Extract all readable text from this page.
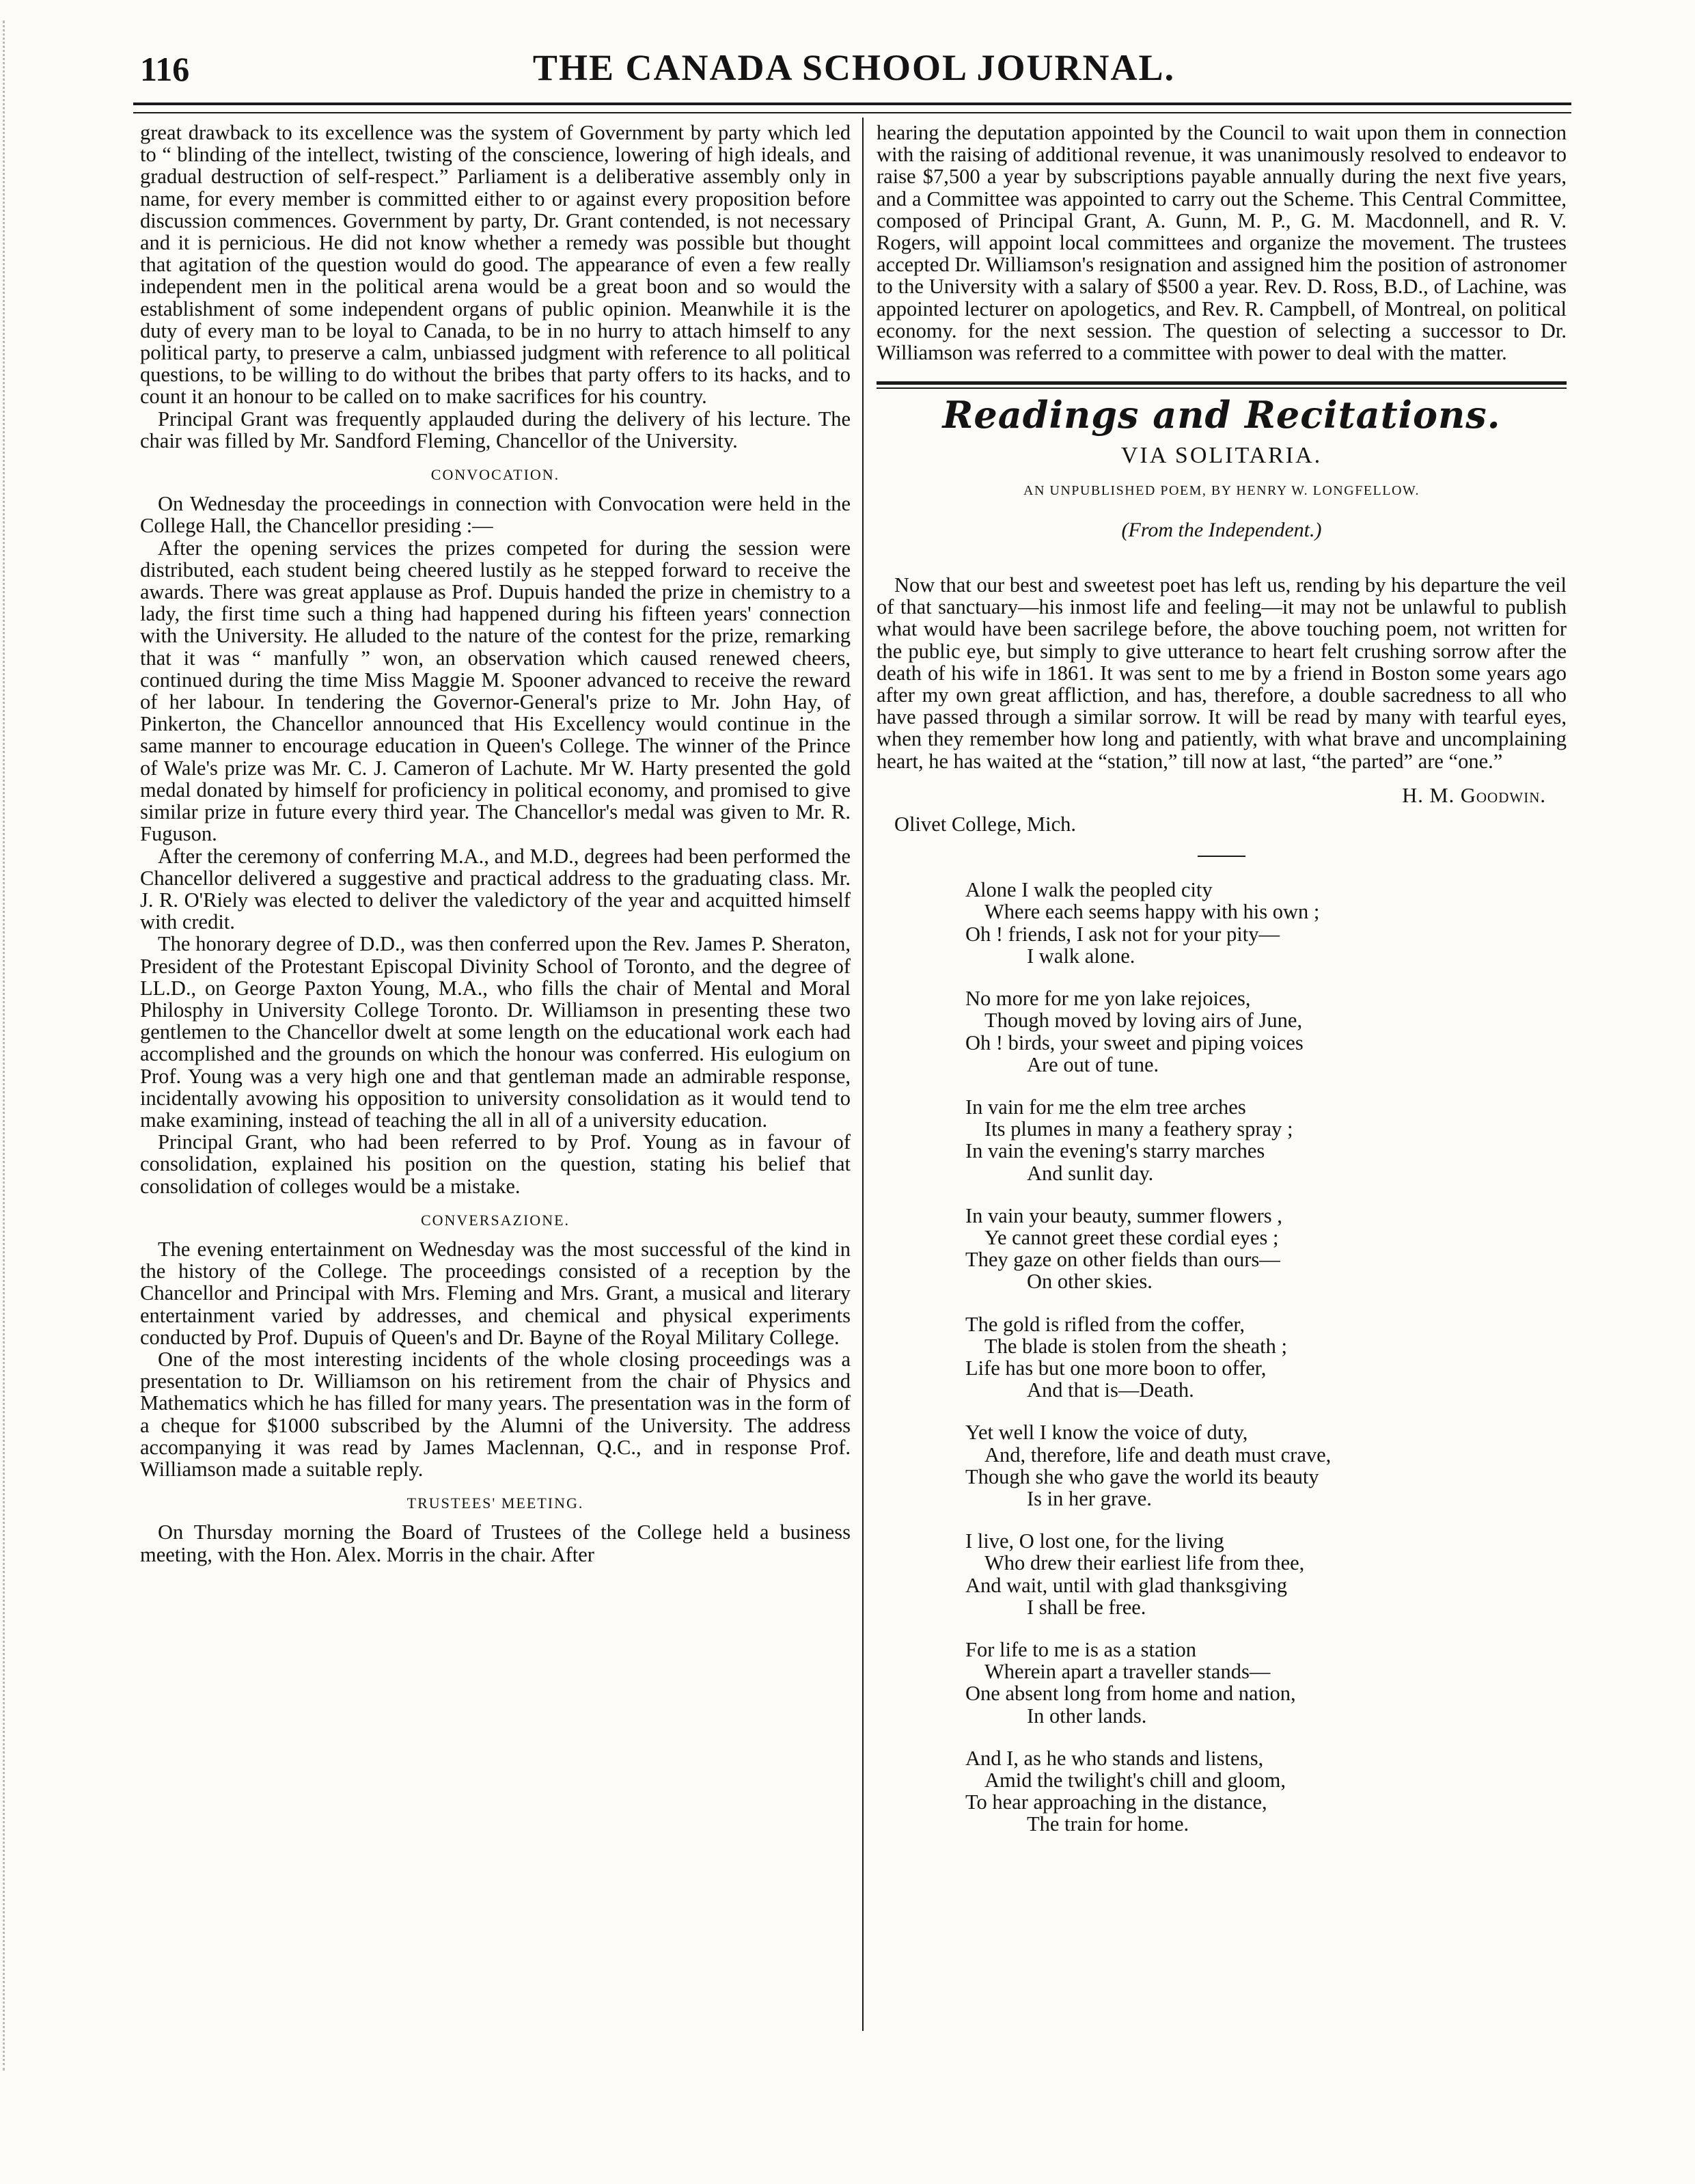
116	THE CANADA SCHOOL JOURNAL.

great drawback to its excellence was the system of Government by party which led to “ blinding of the intellect, twisting of the conscience, lowering of high ideals, and gradual destruction of self-respect.” Parliament is a deliberative assembly only in name, for every member is committed either to or against every proposition before discussion commences. Government by party, Dr. Grant contended, is not necessary and it is pernicious. He did not know whether a remedy was possible but thought that agitation of the question would do good. The appearance of even a few really independent men in the political arena would be a great boon and so would the establishment of some independent organs of public opinion. Meanwhile it is the duty of every man to be loyal to Canada, to be in no hurry to attach himself to any political party, to preserve a calm, unbiassed judgment with reference to all political questions, to be willing to do without the bribes that party offers to its hacks, and to count it an honour to be called on to make sacrifices for his country.

Principal Grant was frequently applauded during the delivery of his lecture. The chair was filled by Mr. Sandford Fleming, Chancellor of the University.

CONVOCATION.

On Wednesday the proceedings in connection with Convocation were held in the College Hall, the Chancellor presiding :—

After the opening services the prizes competed for during the session were distributed, each student being cheered lustily as he stepped forward to receive the awards. There was great applause as Prof. Dupuis handed the prize in chemistry to a lady, the first time such a thing had happened during his fifteen years' connection with the University. He alluded to the nature of the contest for the prize, remarking that it was “ manfully ” won, an observation which caused renewed cheers, continued during the time Miss Maggie M. Spooner advanced to receive the reward of her labour. In tendering the Governor-General's prize to Mr. John Hay, of Pinkerton, the Chancellor announced that His Excellency would continue in the same manner to encourage education in Queen's College. The winner of the Prince of Wale's prize was Mr. C. J. Cameron of Lachute. Mr W. Harty presented the gold medal donated by himself for proficiency in political economy, and promised to give similar prize in future every third year. The Chancellor's medal was given to Mr. R. Fuguson.

After the ceremony of conferring M.A., and M.D., degrees had been performed the Chancellor delivered a suggestive and practical address to the graduating class. Mr. J. R. O'Riely was elected to deliver the valedictory of the year and acquitted himself with credit.

The honorary degree of D.D., was then conferred upon the Rev. James P. Sheraton, President of the Protestant Episcopal Divinity School of Toronto, and the degree of LL.D., on George Paxton Young, M.A., who fills the chair of Mental and Moral Philosphy in University College Toronto. Dr. Williamson in presenting these two gentlemen to the Chancellor dwelt at some length on the educational work each had accomplished and the grounds on which the honour was conferred. His eulogium on Prof. Young was a very high one and that gentleman made an admirable response, incidentally avowing his opposition to university consolidation as it would tend to make examining, instead of teaching the all in all of a university education.

Principal Grant, who had been referred to by Prof. Young as in favour of consolidation, explained his position on the question, stating his belief that consolidation of colleges would be a mistake.

CONVERSAZIONE.

The evening entertainment on Wednesday was the most successful of the kind in the history of the College. The proceedings consisted of a reception by the Chancellor and Principal with Mrs. Fleming and Mrs. Grant, a musical and literary entertainment varied by addresses, and chemical and physical experiments conducted by Prof. Dupuis of Queen's and Dr. Bayne of the Royal Military College.

One of the most interesting incidents of the whole closing proceedings was a presentation to Dr. Williamson on his retirement from the chair of Physics and Mathematics which he has filled for many years. The presentation was in the form of a cheque for $1000 subscribed by the Alumni of the University. The address accompanying it was read by James Maclennan, Q.C., and in response Prof. Williamson made a suitable reply.

TRUSTEES' MEETING.

On Thursday morning the Board of Trustees of the College held a business meeting, with the Hon. Alex. Morris in the chair. After

hearing the deputation appointed by the Council to wait upon them in connection with the raising of additional revenue, it was unanimously resolved to endeavor to raise $7,500 a year by subscriptions payable annually during the next five years, and a Committee was appointed to carry out the Scheme. This Central Committee, composed of Principal Grant, A. Gunn, M. P., G. M. Macdonnell, and R. V. Rogers, will appoint local committees and organize the movement. The trustees accepted Dr. Williamson's resignation and assigned him the position of astronomer to the University with a salary of $500 a year. Rev. D. Ross, B.D., of Lachine, was appointed lecturer on apologetics, and Rev. R. Campbell, of Montreal, on political economy. for the next session. The question of selecting a successor to Dr. Williamson was referred to a committee with power to deal with the matter.

Readings and Recitations.
VIA SOLITARIA.
AN UNPUBLISHED POEM, BY HENRY W. LONGFELLOW.
(From the Independent.)

Now that our best and sweetest poet has left us, rending by his departure the veil of that sanctuary—his inmost life and feeling—it may not be unlawful to publish what would have been sacrilege before, the above touching poem, not written for the public eye, but simply to give utterance to heart felt crushing sorrow after the death of his wife in 1861. It was sent to me by a friend in Boston some years ago after my own great affliction, and has, therefore, a double sacredness to all who have passed through a similar sorrow. It will be read by many with tearful eyes, when they remember how long and patiently, with what brave and uncomplaining heart, he has waited at the “station,” till now at last, “the parted” are “one.”

H. M. Goodwin.
Olivet College, Mich.
Alone I walk the peopled city
Where each seems happy with his own ;
Oh ! friends, I ask not for your pity—
I walk alone.
No more for me yon lake rejoices,
Though moved by loving airs of June,
Oh ! birds, your sweet and piping voices
Are out of tune.
In vain for me the elm tree arches
Its plumes in many a feathery spray ;
In vain the evening's starry marches
And sunlit day.
In vain your beauty, summer flowers ,
Ye cannot greet these cordial eyes ;
They gaze on other fields than ours—
On other skies.
The gold is rifled from the coffer,
The blade is stolen from the sheath ;
Life has but one more boon to offer,
And that is—Death.
Yet well I know the voice of duty,
And, therefore, life and death must crave,
Though she who gave the world its beauty
Is in her grave.
I live, O lost one, for the living
Who drew their earliest life from thee,
And wait, until with glad thanksgiving
I shall be free.
For life to me is as a station
Wherein apart a traveller stands—
One absent long from home and nation,
In other lands.
And I, as he who stands and listens,
Amid the twilight's chill and gloom,
To hear approaching in the distance,
The train for home.
